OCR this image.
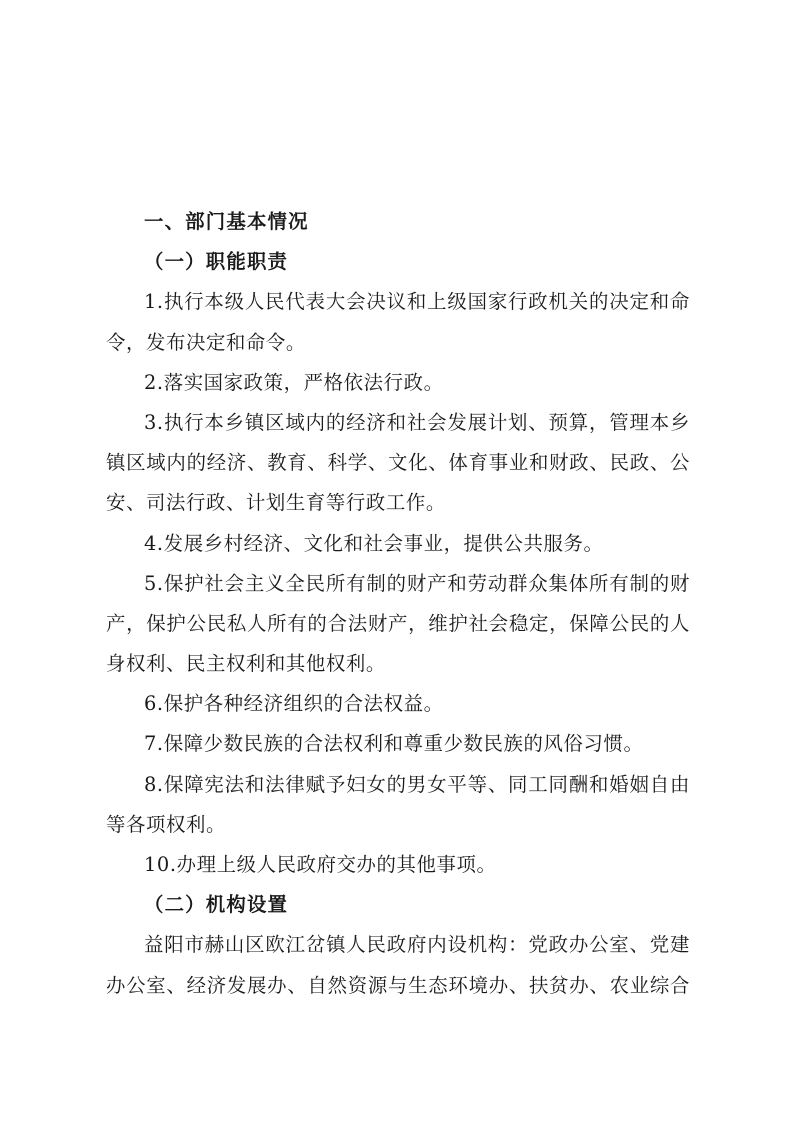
一、部门基本情况
（一）职能职责
1.执行本级人民代表大会决议和上级国家行政机关的决定和命
令，发布决定和命令。
2.落实国家政策，严格依法行政。
3.执行本乡镇区域内的经济和社会发展计划、预算，管理本乡
镇区域内的经济、教育、科学、文化、体育事业和财政、民政、公
安、司法行政、计划生育等行政工作。
4.发展乡村经济、文化和社会事业，提供公共服务。
5.保护社会主义全民所有制的财产和劳动群众集体所有制的财
产，保护公民私人所有的合法财产，维护社会稳定，保障公民的人
身权利、民主权利和其他权利。
6.保护各种经济组织的合法权益。
7.保障少数民族的合法权利和尊重少数民族的风俗习惯。
8.保障宪法和法律赋予妇女的男女平等、同工同酬和婚姻自由
等各项权利。
10.办理上级人民政府交办的其他事项。
（二）机构设置
益阳市赫山区欧江岔镇人民政府内设机构：党政办公室、党建
办公室、经济发展办、自然资源与生态环境办、扶贫办、农业综合
